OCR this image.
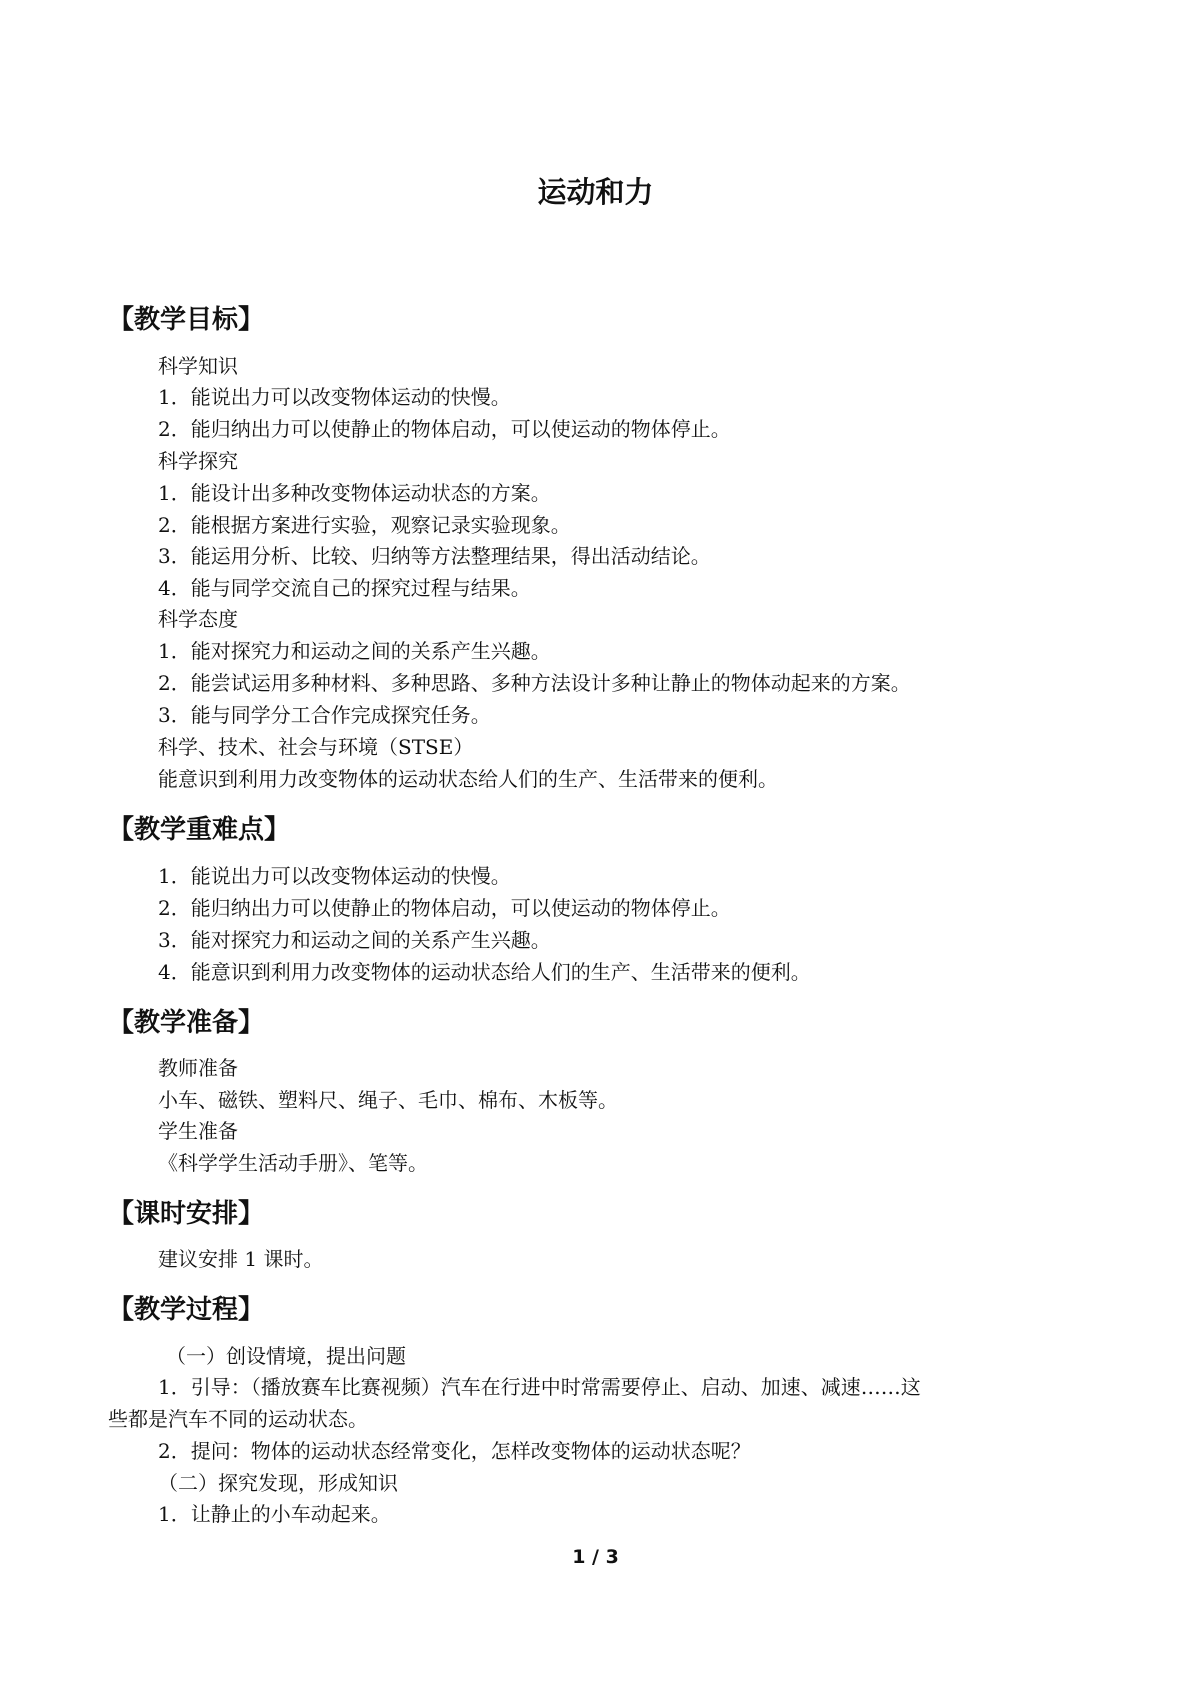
运动和力
【教学目标】
科学知识
1．能说出力可以改变物体运动的快慢。
2．能归纳出力可以使静止的物体启动，可以使运动的物体停止。
科学探究
1．能设计出多种改变物体运动状态的方案。
2．能根据方案进行实验，观察记录实验现象。
3．能运用分析、比较、归纳等方法整理结果，得出活动结论。
4．能与同学交流自己的探究过程与结果。
科学态度
1．能对探究力和运动之间的关系产生兴趣。
2．能尝试运用多种材料、多种思路、多种方法设计多种让静止的物体动起来的方案。
3．能与同学分工合作完成探究任务。
科学、技术、社会与环境（STSE）
能意识到利用力改变物体的运动状态给人们的生产、生活带来的便利。
【教学重难点】
1．能说出力可以改变物体运动的快慢。
2．能归纳出力可以使静止的物体启动，可以使运动的物体停止。
3．能对探究力和运动之间的关系产生兴趣。
4．能意识到利用力改变物体的运动状态给人们的生产、生活带来的便利。
【教学准备】
教师准备
小车、磁铁、塑料尺、绳子、毛巾、棉布、木板等。
学生准备
《科学学生活动手册》、笔等。
【课时安排】
建议安排 1 课时。
【教学过程】
（一）创设情境，提出问题
1．引导：（播放赛车比赛视频）汽车在行进中时常需要停止、启动、加速、减速……这
些都是汽车不同的运动状态。
2．提问：物体的运动状态经常变化，怎样改变物体的运动状态呢？
（二）探究发现，形成知识
1．让静止的小车动起来。
1 / 3
